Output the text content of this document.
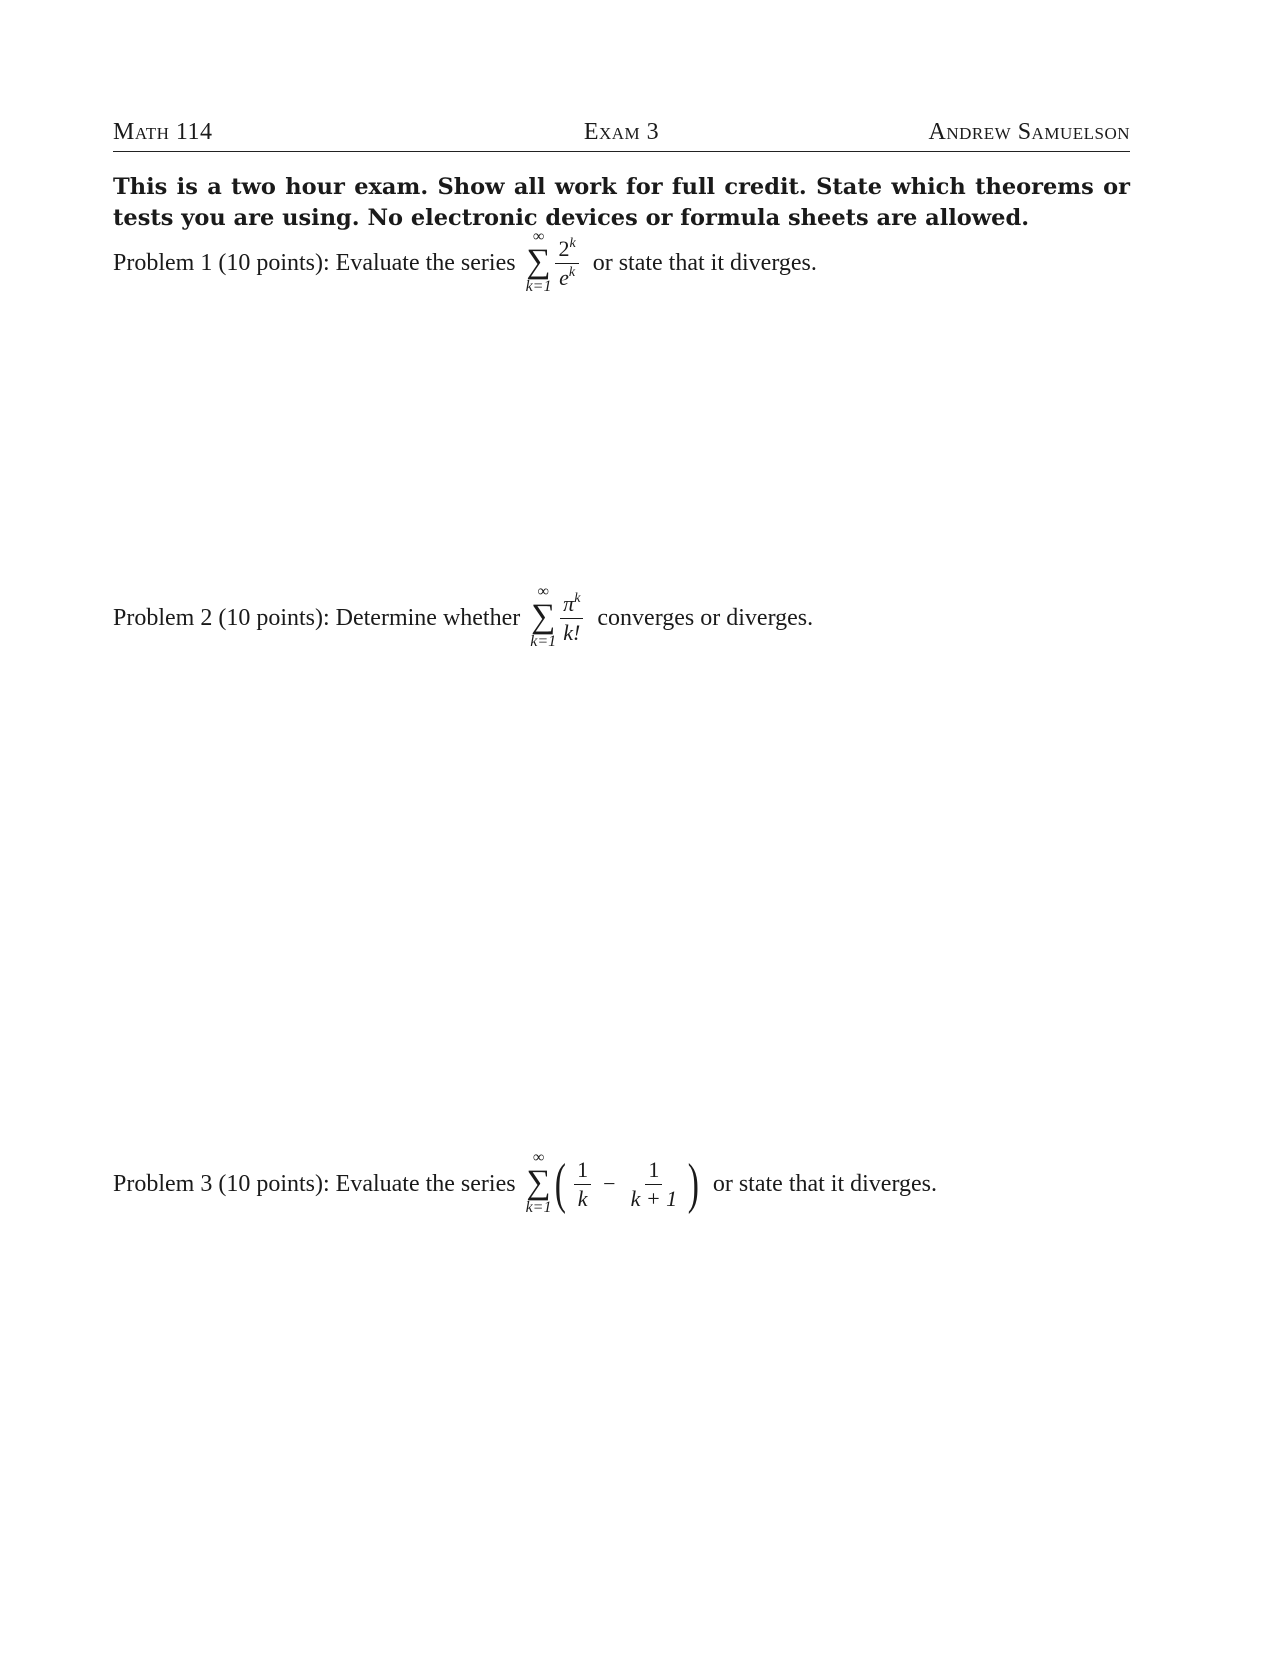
Math 114	Exam 3	Andrew Samuelson
This is a two hour exam. Show all work for full credit. State which theorems or tests you are using. No electronic devices or formula sheets are allowed.
Problem 1 (10 points): Evaluate the series
∞
∑
$k=1 \frac{2^k}{e^k}$ or state that it diverges.
Problem 2 (10 points): Determine whether
∞
∑
$k=1 \frac{\pi^k}{k!}$ converges or diverges.
Problem 3 (10 points): Evaluate the series
∞
∑
k=1 ( $\frac{1}{k} - \frac{1}{k + 1}$ ) or state that it diverges.
